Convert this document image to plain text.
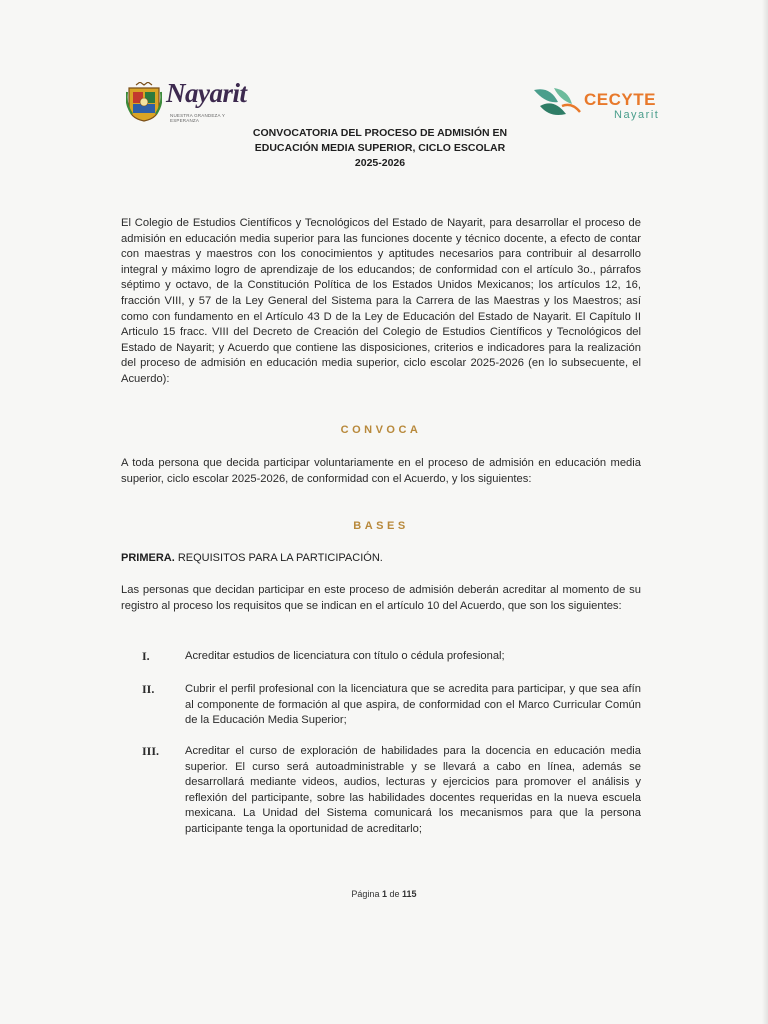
Nayarit
NUESTRA GRANDEZA Y ESPERANZA
CECYTE
Nayarit
CONVOCATORIA DEL PROCESO DE ADMISIÓN EN
EDUCACIÓN MEDIA SUPERIOR, CICLO ESCOLAR
2025-2026
El Colegio de Estudios Científicos y Tecnológicos del Estado de Nayarit, para desarrollar el proceso de admisión en educación media superior para las funciones docente y técnico docente, a efecto de contar con maestras y maestros con los conocimientos y aptitudes necesarios para contribuir al desarrollo integral y máximo logro de aprendizaje de los educandos; de conformidad con el artículo 3o., párrafos séptimo y octavo, de la Constitución Política de los Estados Unidos Mexicanos; los artículos 12, 16, fracción VIII, y 57 de la Ley General del Sistema para la Carrera de las Maestras y los Maestros; así como con fundamento en el Artículo 43 D de la Ley de Educación del Estado de Nayarit. El Capítulo II Articulo 15 fracc. VIII del Decreto de Creación del Colegio de Estudios Científicos y Tecnológicos del Estado de Nayarit; y Acuerdo que contiene las disposiciones, criterios e indicadores para la realización del proceso de admisión en educación media superior, ciclo escolar 2025-2026 (en lo subsecuente, el Acuerdo):
CONVOCA
A toda persona que decida participar voluntariamente en el proceso de admisión en educación media superior, ciclo escolar 2025-2026, de conformidad con el Acuerdo, y los siguientes:
BASES
PRIMERA. REQUISITOS PARA LA PARTICIPACIÓN.
Las personas que decidan participar en este proceso de admisión deberán acreditar al momento de su registro al proceso los requisitos que se indican en el artículo 10 del Acuerdo, que son los siguientes:
I.	Acreditar estudios de licenciatura con título o cédula profesional;
II.	Cubrir el perfil profesional con la licenciatura que se acredita para participar, y que sea afín al componente de formación al que aspira, de conformidad con el Marco Curricular Común de la Educación Media Superior;
III. Acreditar el curso de exploración de habilidades para la docencia en educación media superior. El curso será autoadministrable y se llevará a cabo en línea, además se desarrollará mediante videos, audios, lecturas y ejercicios para promover el análisis y reflexión del participante, sobre las habilidades docentes requeridas en la nueva escuela mexicana. La Unidad del Sistema comunicará los mecanismos para que la persona participante tenga la oportunidad de acreditarlo;
Página 1 de 115
